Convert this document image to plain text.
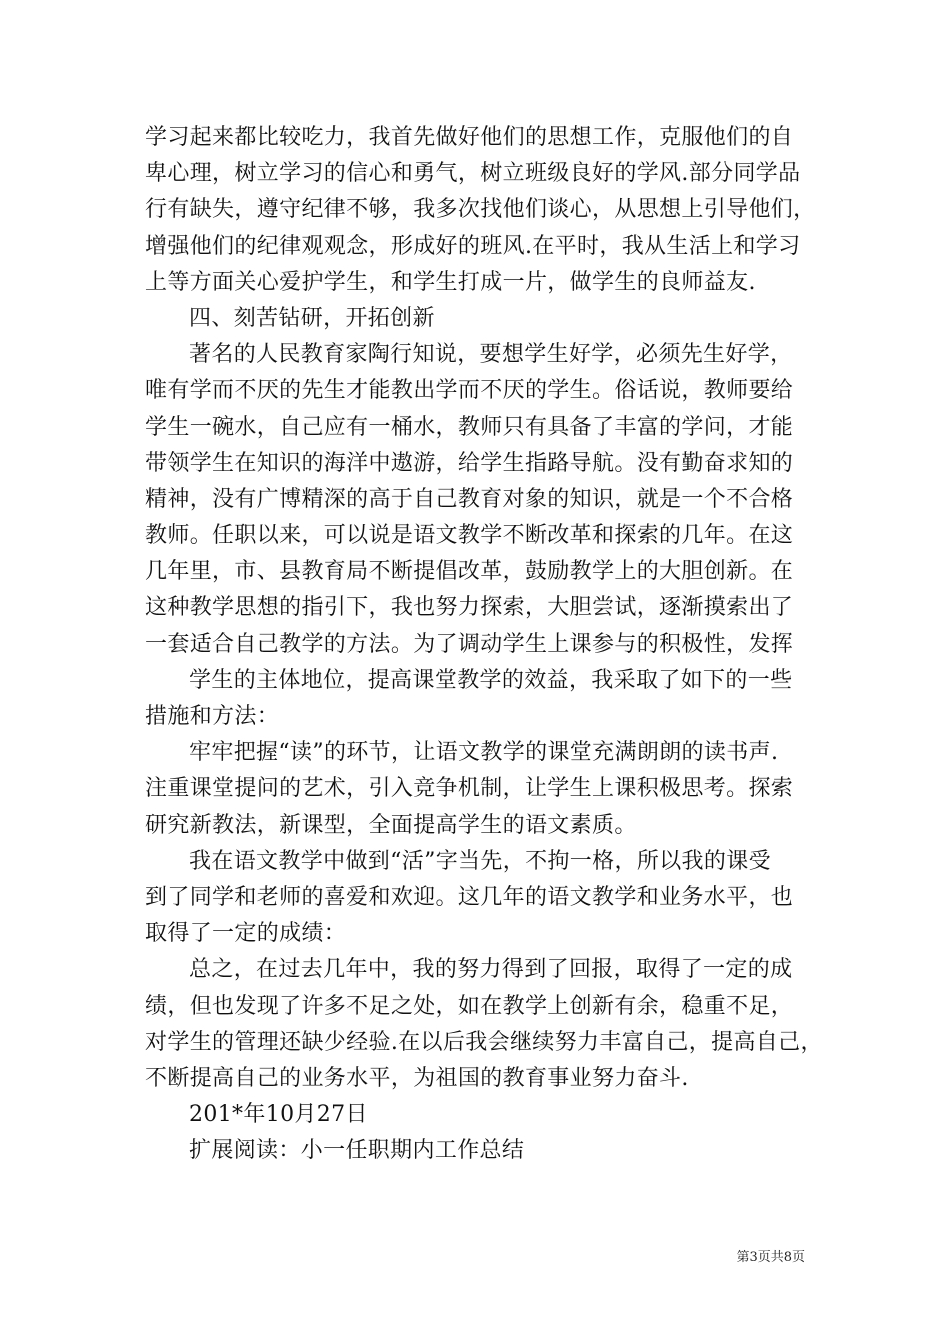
学习起来都比较吃力，我首先做好他们的思想工作，克服他们的自
卑心理，树立学习的信心和勇气，树立班级良好的学风.部分同学品
行有缺失，遵守纪律不够，我多次找他们谈心，从思想上引导他们，
增强他们的纪律观观念，形成好的班风.在平时，我从生活上和学习
上等方面关心爱护学生，和学生打成一片，做学生的良师益友.
四、刻苦钻研，开拓创新
著名的人民教育家陶行知说，要想学生好学，必须先生好学，
唯有学而不厌的先生才能教出学而不厌的学生。俗话说，教师要给
学生一碗水，自己应有一桶水，教师只有具备了丰富的学问，才能
带领学生在知识的海洋中遨游，给学生指路导航。没有勤奋求知的
精神，没有广博精深的高于自己教育对象的知识，就是一个不合格
教师。任职以来，可以说是语文教学不断改革和探索的几年。在这
几年里，市、县教育局不断提倡改革，鼓励教学上的大胆创新。在
这种教学思想的指引下，我也努力探索，大胆尝试，逐渐摸索出了
一套适合自己教学的方法。为了调动学生上课参与的积极性，发挥
学生的主体地位，提高课堂教学的效益，我采取了如下的一些
措施和方法：
牢牢把握“读”的环节，让语文教学的课堂充满朗朗的读书声.
注重课堂提问的艺术，引入竞争机制，让学生上课积极思考。探索
研究新教法，新课型，全面提高学生的语文素质。
我在语文教学中做到“活”字当先，不拘一格，所以我的课受
到了同学和老师的喜爱和欢迎。这几年的语文教学和业务水平，也
取得了一定的成绩：
总之，在过去几年中，我的努力得到了回报，取得了一定的成
绩，但也发现了许多不足之处，如在教学上创新有余，稳重不足，
对学生的管理还缺少经验.在以后我会继续努力丰富自己，提高自己，
不断提高自己的业务水平，为祖国的教育事业努力奋斗.
201*年10月27日
扩展阅读：小一任职期内工作总结
第3页共8页
